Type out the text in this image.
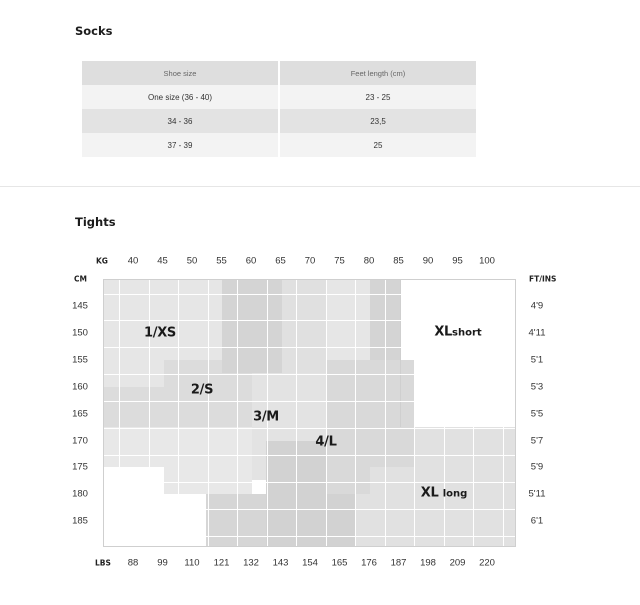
Socks
Shoe size	Feet length (cm)
One size (36 - 40)	23 - 25
34 - 36	23,5
37 - 39	25
Tights
KG
CM	FT/INS
LBS
40 45 50 55 60 65 70 75 80 85 90 95 100
88 99 110 121 132 143 154 165 176 187 198 209 220
145
150
155
160
165
170
175
180
185
4'9
4'11
5'1
5'3
5'5
5'7
5'9
5'11
6'1
1/XS
2/S
3/M
4/L
XLshort
XL long
